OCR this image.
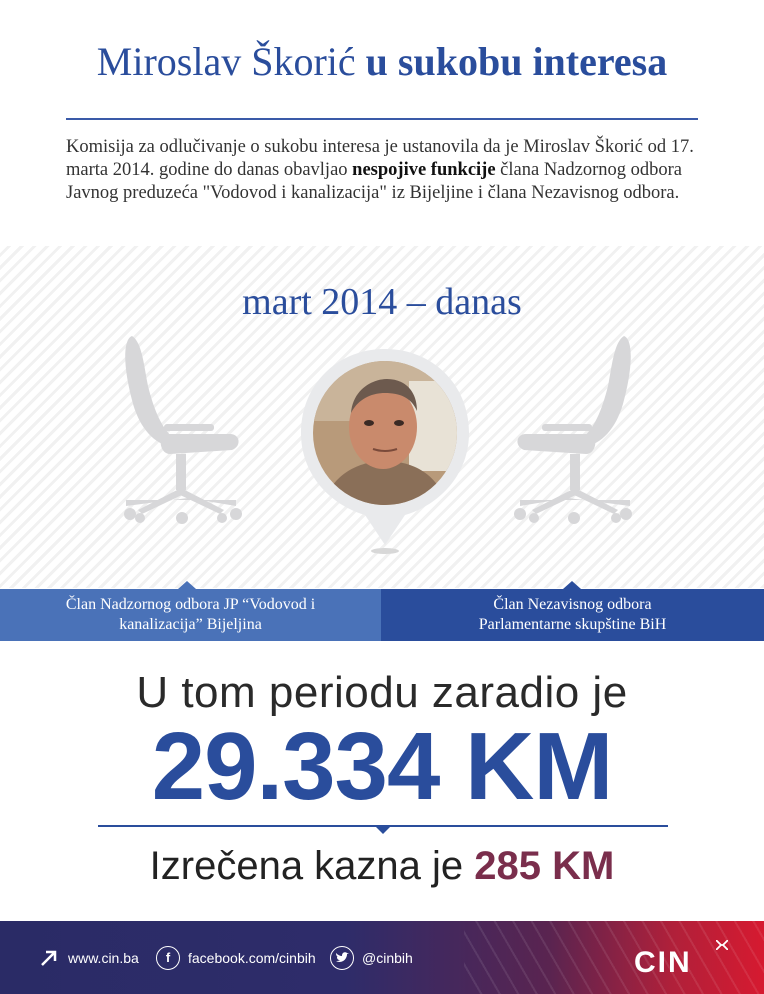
Miroslav Škorić u sukobu interesa
Komisija za odlučivanje o sukobu interesa je ustanovila da je Miroslav Škorić od 17. marta 2014. godine do danas obavljao nespojive funkcije člana Nadzornog odbora Javnog preduzeća "Vodovod i kanalizacija" iz Bijeljine i člana Nezavisnog odbora.
mart 2014 – danas
Član Nadzornog odbora JP “Vodovod i kanalizacija” Bijeljina
Član Nezavisnog odbora
Parlamentarne skupštine BiH
U tom periodu zaradio je
29.334 KM
Izrečena kazna je 285 KM
www.cin.ba	f	facebook.com/cinbih	@cinbih	CIN
